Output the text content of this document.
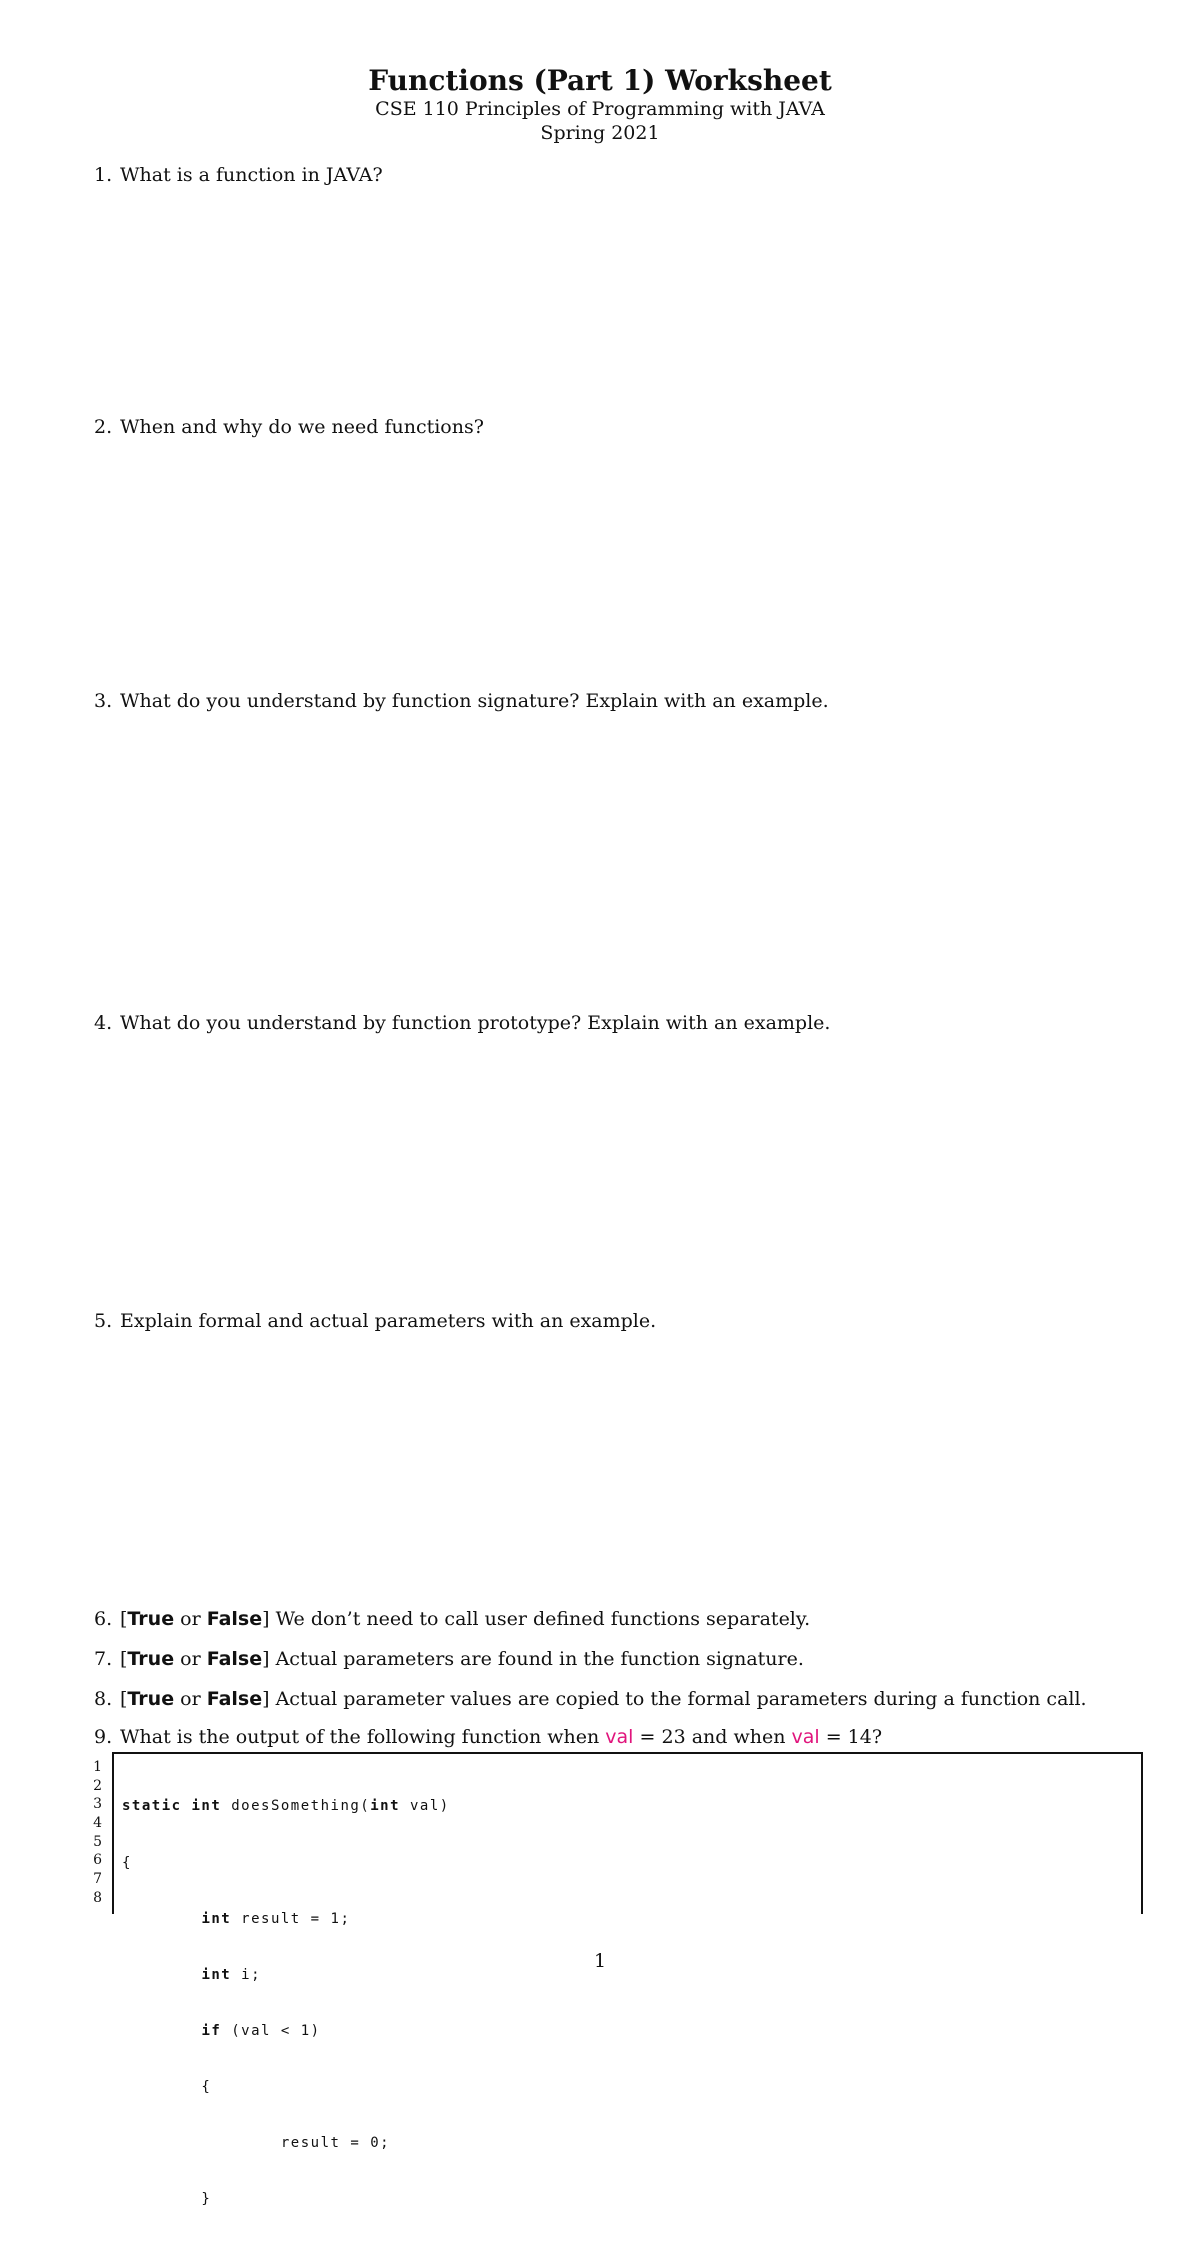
Functions (Part 1) Worksheet
CSE 110 Principles of Programming with JAVA
Spring 2021
1. What is a function in JAVA?
2. When and why do we need functions?
3. What do you understand by function signature? Explain with an example.
4. What do you understand by function prototype? Explain with an example.
5. Explain formal and actual parameters with an example.
6. [True or False] We don’t need to call user defined functions separately.
7. [True or False] Actual parameters are found in the function signature.
8. [True or False] Actual parameter values are copied to the formal parameters during a function call.
9. What is the output of the following function when val = 23 and when val = 14?
1
2
3
4
5
6
7
8

static int doesSomething(int val)

{

int result = 1;

int i;

if (val < 1)

{

result = 0;

}

1
